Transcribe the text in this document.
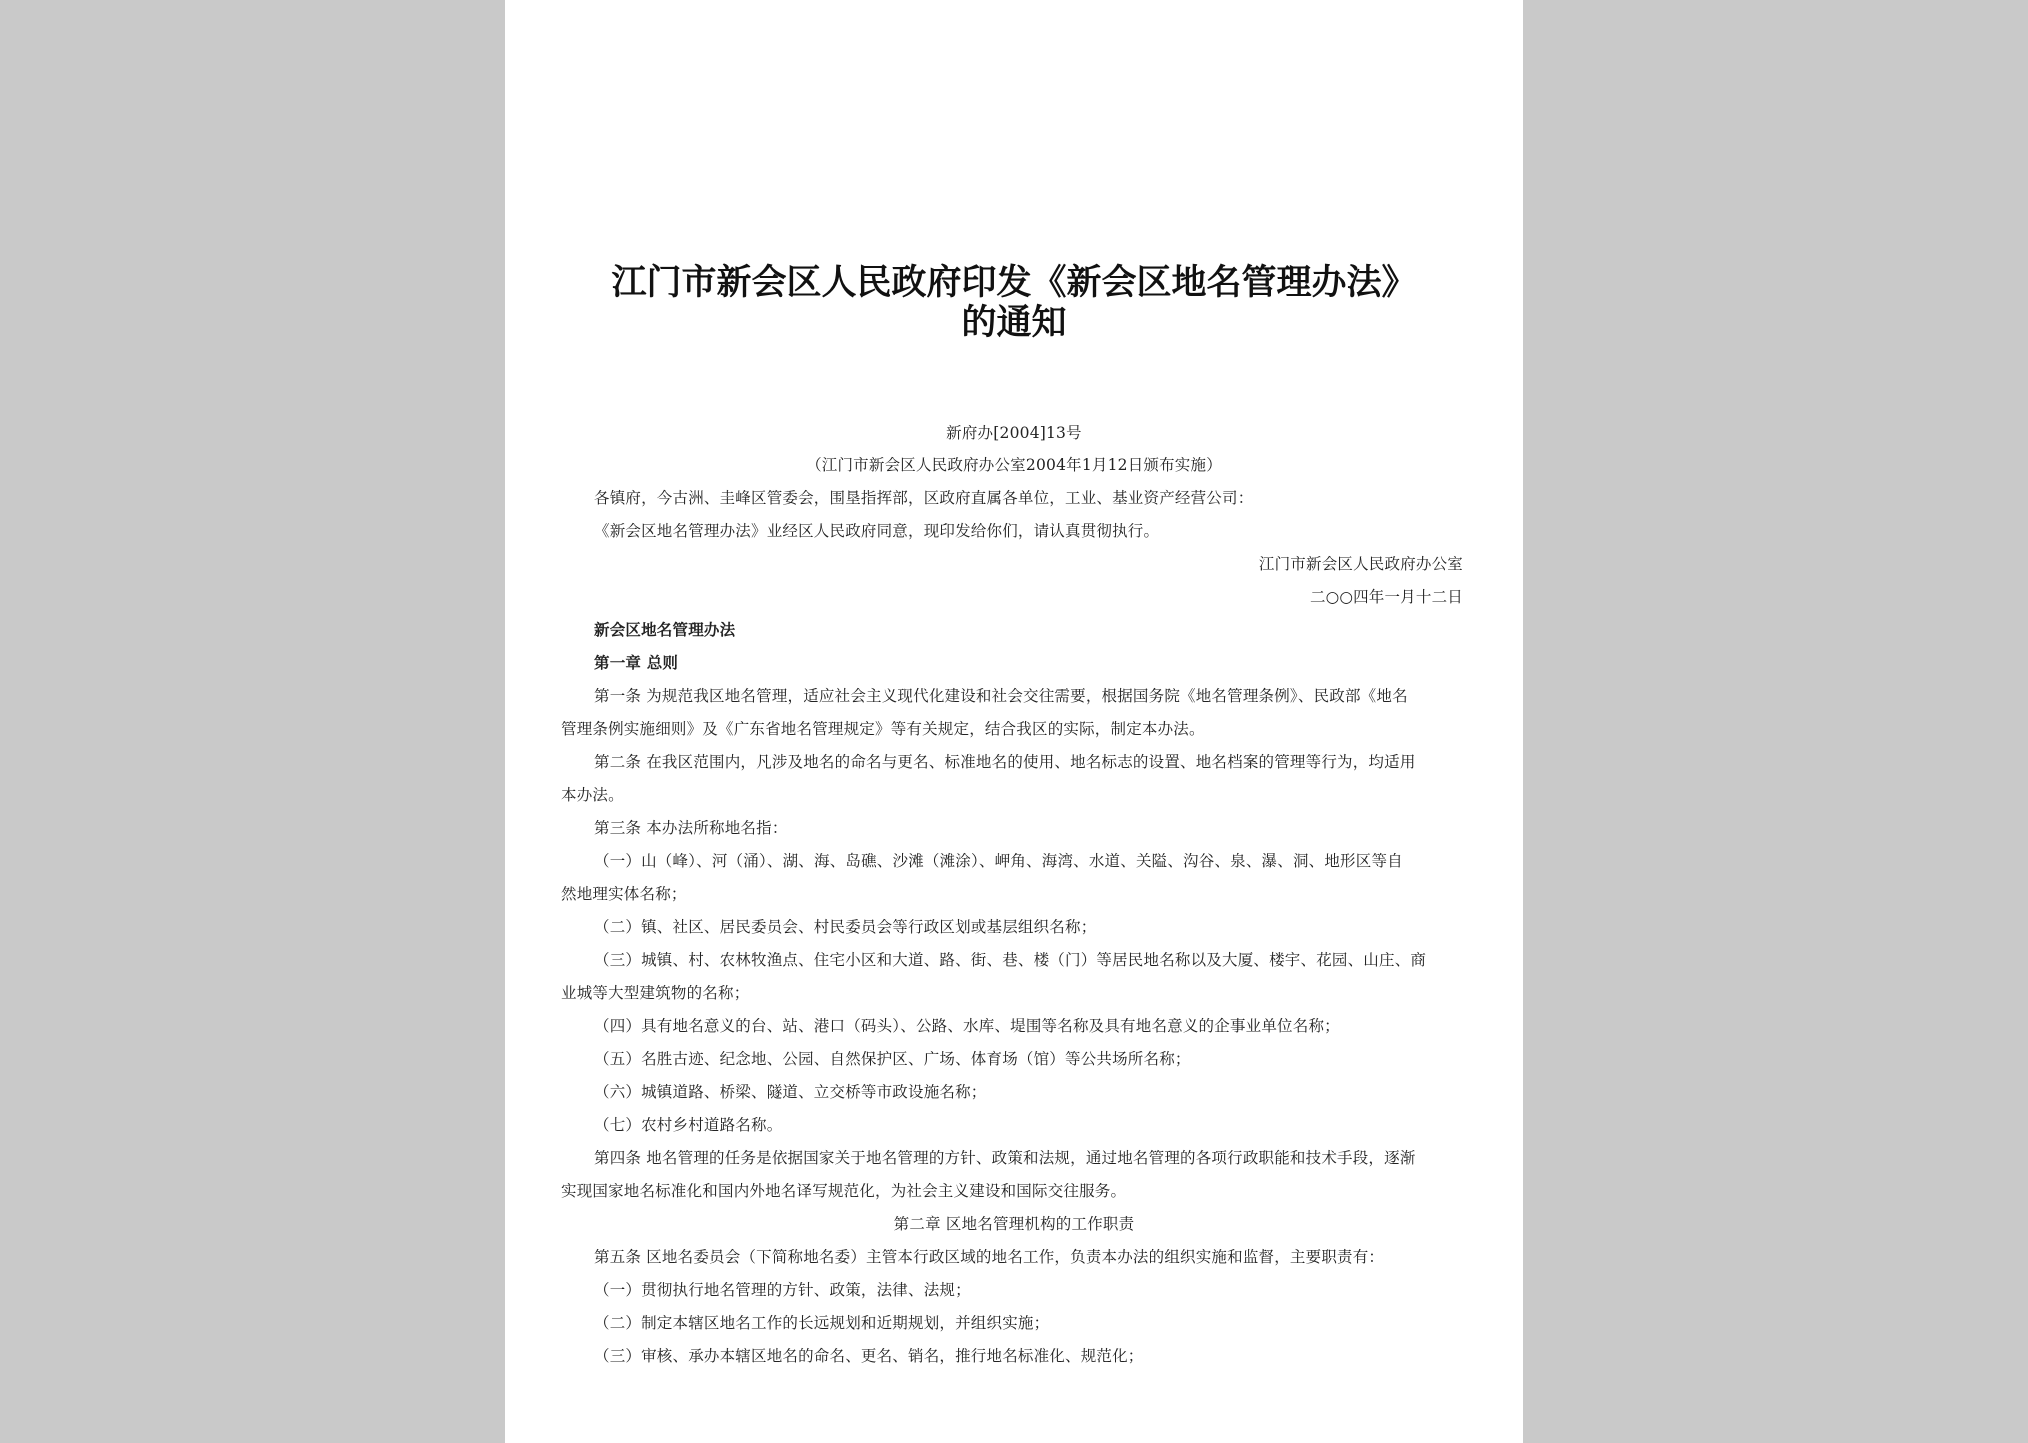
江门市新会区人民政府印发《新会区地名管理办法》
的通知
新府办[2004]13号
（江门市新会区人民政府办公室2004年1月12日颁布实施）
各镇府，今古洲、圭峰区管委会，围垦指挥部，区政府直属各单位，工业、基业资产经营公司：
《新会区地名管理办法》业经区人民政府同意，现印发给你们，请认真贯彻执行。
江门市新会区人民政府办公室
二○○四年一月十二日
新会区地名管理办法
第一章 总则
第一条 为规范我区地名管理，适应社会主义现代化建设和社会交往需要，根据国务院《地名管理条例》、民政部《地名
管理条例实施细则》及《广东省地名管理规定》等有关规定，结合我区的实际，制定本办法。
第二条 在我区范围内，凡涉及地名的命名与更名、标准地名的使用、地名标志的设置、地名档案的管理等行为，均适用
本办法。
第三条 本办法所称地名指：
（一）山（峰）、河（涌）、湖、海、岛礁、沙滩（滩涂）、岬角、海湾、水道、关隘、沟谷、泉、瀑、洞、地形区等自
然地理实体名称；
（二）镇、社区、居民委员会、村民委员会等行政区划或基层组织名称；
（三）城镇、村、农林牧渔点、住宅小区和大道、路、街、巷、楼（门）等居民地名称以及大厦、楼宇、花园、山庄、商
业城等大型建筑物的名称；
（四）具有地名意义的台、站、港口（码头）、公路、水库、堤围等名称及具有地名意义的企事业单位名称；
（五）名胜古迹、纪念地、公园、自然保护区、广场、体育场（馆）等公共场所名称；
（六）城镇道路、桥梁、隧道、立交桥等市政设施名称；
（七）农村乡村道路名称。
第四条 地名管理的任务是依据国家关于地名管理的方针、政策和法规，通过地名管理的各项行政职能和技术手段，逐渐
实现国家地名标准化和国内外地名译写规范化，为社会主义建设和国际交往服务。
第二章 区地名管理机构的工作职责
第五条 区地名委员会（下简称地名委）主管本行政区域的地名工作，负责本办法的组织实施和监督，主要职责有：
（一）贯彻执行地名管理的方针、政策，法律、法规；
（二）制定本辖区地名工作的长远规划和近期规划，并组织实施；
（三）审核、承办本辖区地名的命名、更名、销名，推行地名标准化、规范化；
